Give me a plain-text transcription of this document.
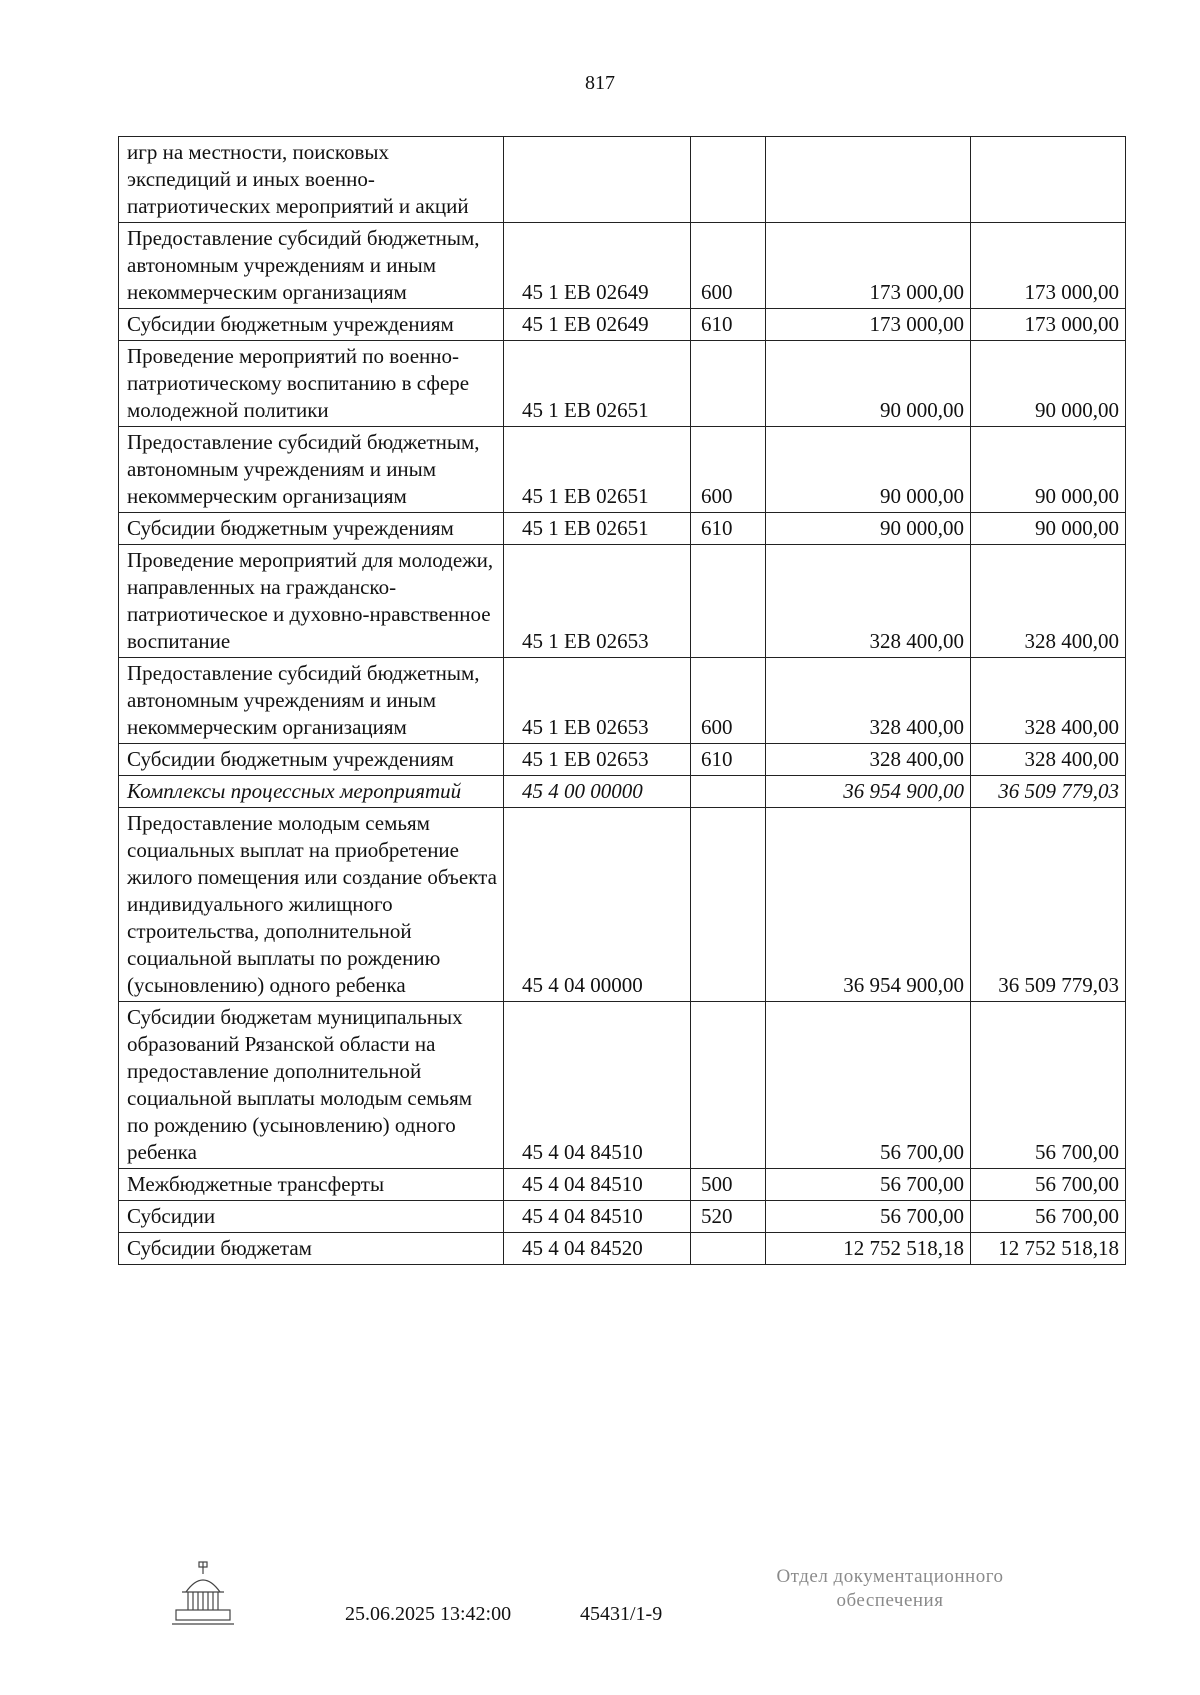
817
игр на местности, поисковых экспедиций и иных военно-патриотических мероприятий и акций				
Предоставление субсидий бюджетным, автономным учреждениям и иным некоммерческим организациям	45 1 ЕВ 02649	600	173 000,00	173 000,00
Субсидии бюджетным учреждениям	45 1 ЕВ 02649	610	173 000,00	173 000,00
Проведение мероприятий по военно-патриотическому воспитанию в сфере молодежной политики	45 1 ЕВ 02651		90 000,00	90 000,00
Предоставление субсидий бюджетным, автономным учреждениям и иным некоммерческим организациям	45 1 ЕВ 02651	600	90 000,00	90 000,00
Субсидии бюджетным учреждениям	45 1 ЕВ 02651	610	90 000,00	90 000,00
Проведение мероприятий для молодежи, направленных на гражданско-патриотическое и духовно-нравственное воспитание	45 1 ЕВ 02653		328 400,00	328 400,00
Предоставление субсидий бюджетным, автономным учреждениям и иным некоммерческим организациям	45 1 ЕВ 02653	600	328 400,00	328 400,00
Субсидии бюджетным учреждениям	45 1 ЕВ 02653	610	328 400,00	328 400,00
Комплексы процессных мероприятий	45 4 00 00000		36 954 900,00	36 509 779,03
Предоставление молодым семьям социальных выплат на приобретение жилого помещения или создание объекта индивидуального жилищного строительства, дополнительной социальной выплаты по рождению (усыновлению) одного ребенка	45 4 04 00000		36 954 900,00	36 509 779,03
Субсидии бюджетам муниципальных образований Рязанской области на предоставление дополнительной социальной выплаты молодым семьям по рождению (усыновлению) одного ребенка	45 4 04 84510		56 700,00	56 700,00
Межбюджетные трансферты	45 4 04 84510	500	56 700,00	56 700,00
Субсидии	45 4 04 84510	520	56 700,00	56 700,00
Субсидии бюджетам	45 4 04 84520		12 752 518,18	12 752 518,18
25.06.2025 13:42:00	45431/1-9
Отдел документационного
обеспечения
